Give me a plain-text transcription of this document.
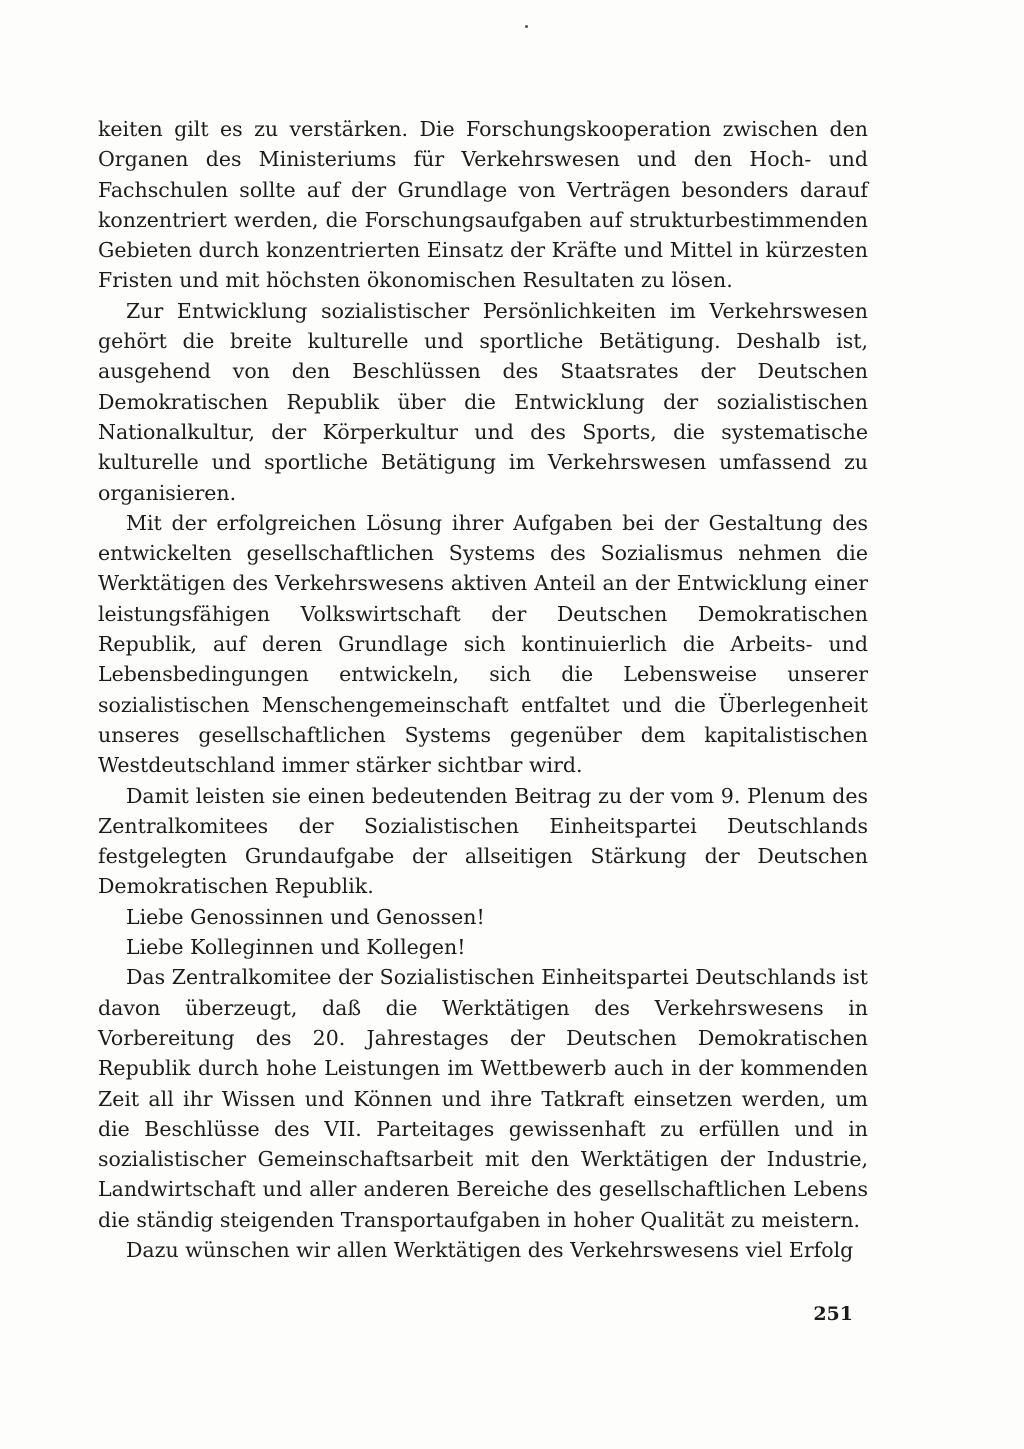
keiten gilt es zu verstärken. Die Forschungskooperation zwischen den Organen des Ministeriums für Verkehrswesen und den Hoch- und Fachschulen sollte auf der Grundlage von Verträgen besonders darauf konzentriert werden, die Forschungsaufgaben auf strukturbestimmenden Gebieten durch konzentrierten Einsatz der Kräfte und Mittel in kürzesten Fristen und mit höchsten ökonomischen Resultaten zu lösen.

Zur Entwicklung sozialistischer Persönlichkeiten im Verkehrswesen gehört die breite kulturelle und sportliche Betätigung. Deshalb ist, ausgehend von den Beschlüssen des Staatsrates der Deutschen Demokratischen Republik über die Entwicklung der sozialistischen Nationalkultur, der Körperkultur und des Sports, die systematische kulturelle und sportliche Betätigung im Verkehrswesen umfassend zu organisieren.

Mit der erfolgreichen Lösung ihrer Aufgaben bei der Gestaltung des entwickelten gesellschaftlichen Systems des Sozialismus nehmen die Werktätigen des Verkehrswesens aktiven Anteil an der Entwicklung einer leistungsfähigen Volkswirtschaft der Deutschen Demokratischen Republik, auf deren Grundlage sich kontinuierlich die Arbeits- und Lebensbedingungen entwickeln, sich die Lebensweise unserer sozialistischen Menschengemeinschaft entfaltet und die Überlegenheit unseres gesellschaftlichen Systems gegenüber dem kapitalistischen Westdeutschland immer stärker sichtbar wird.

Damit leisten sie einen bedeutenden Beitrag zu der vom 9. Plenum des Zentralkomitees der Sozialistischen Einheitspartei Deutschlands festgelegten Grundaufgabe der allseitigen Stärkung der Deutschen Demokratischen Republik.

Liebe Genossinnen und Genossen!

Liebe Kolleginnen und Kollegen!

Das Zentralkomitee der Sozialistischen Einheitspartei Deutschlands ist davon überzeugt, daß die Werktätigen des Verkehrswesens in Vorbereitung des 20. Jahrestages der Deutschen Demokratischen Republik durch hohe Leistungen im Wettbewerb auch in der kommenden Zeit all ihr Wissen und Können und ihre Tatkraft einsetzen werden, um die Beschlüsse des VII. Parteitages gewissenhaft zu erfüllen und in sozialistischer Gemeinschaftsarbeit mit den Werktätigen der Industrie, Landwirtschaft und aller anderen Bereiche des gesellschaftlichen Lebens die ständig steigenden Transportaufgaben in hoher Qualität zu meistern.

Dazu wünschen wir allen Werktätigen des Verkehrswesens viel Erfolg

251
